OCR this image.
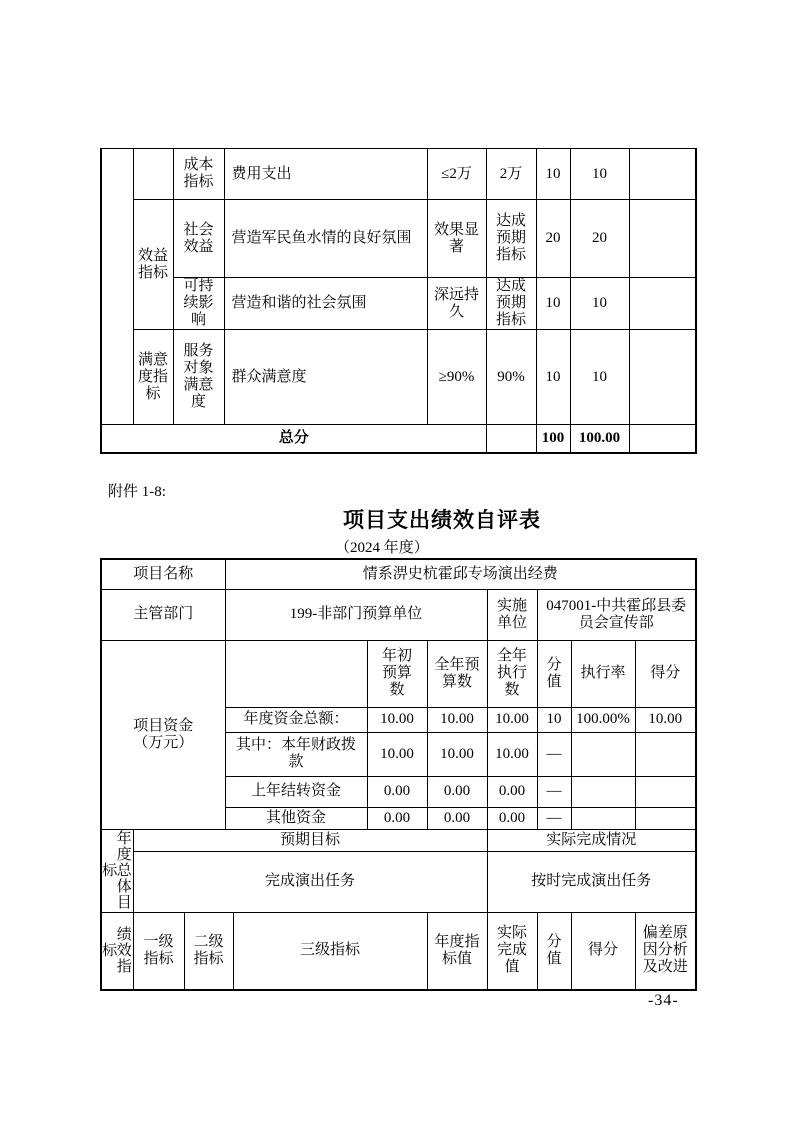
		成本指标	费用支出	≤2万	2万	10	10	

	效益指标	社会效益	营造军民鱼水情的良好氛围	效果显著	达成预期指标	20	20	

		可持续影响	营造和谐的社会氛围	深远持久	达成预期指标	10	10	

	满意度指标	服务对象满意度	群众满意度	≥90%	90%	10	10	
总分						100	100.00	
附件 1-8:
项目支出绩效自评表
（2024 年度）
项目名称			情系淠史杭霍邱专场演出经费							
主管部门			199-非部门预算单位				实施单位	047001-中共霍邱县委员会宣传部		

项目资金（万元）					年初预算数	全年预算数	全年执行数	分值	执行率	得分
			年度资金总额：		10.00	10.00	10.00	10	100.00%	10.00

			其中：本年财政拨款		10.00	10.00	10.00	—		
			上年结转资金		0.00	0.00	0.00	—		
			其他资金		0.00	0.00	0.00	—		

标
年度总体目	预期目标						实际完成情况			
	完成演出任务						按时完成演出任务			

标
绩效指	一级指标	二级指标		三级指标		年度指标值	实际完成值	分值	得分	偏差原因分析及改进
-34-
